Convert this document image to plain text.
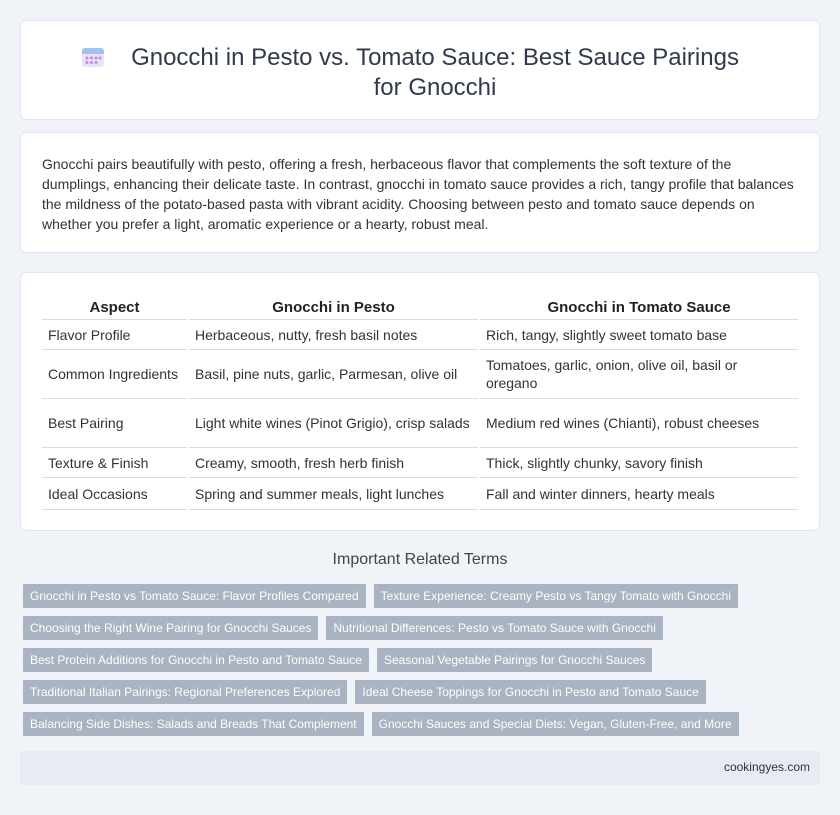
Gnocchi in Pesto vs. Tomato Sauce: Best Sauce Pairings for Gnocchi

Gnocchi pairs beautifully with pesto, offering a fresh, herbaceous flavor that complements the soft texture of the dumplings, enhancing their delicate taste. In contrast, gnocchi in tomato sauce provides a rich, tangy profile that balances the mildness of the potato-based pasta with vibrant acidity. Choosing between pesto and tomato sauce depends on whether you prefer a light, aromatic experience or a hearty, robust meal.

Aspect	Gnocchi in Pesto	Gnocchi in Tomato Sauce
Flavor Profile	Herbaceous, nutty, fresh basil notes	Rich, tangy, slightly sweet tomato base
Common Ingredients	Basil, pine nuts, garlic, Parmesan, olive oil	Tomatoes, garlic, onion, olive oil, basil or oregano
Best Pairing	Light white wines (Pinot Grigio), crisp salads	Medium red wines (Chianti), robust cheeses
Texture & Finish	Creamy, smooth, fresh herb finish	Thick, slightly chunky, savory finish
Ideal Occasions	Spring and summer meals, light lunches	Fall and winter dinners, hearty meals
Important Related Terms
Gnocchi in Pesto vs Tomato Sauce: Flavor Profiles Compared	Texture Experience: Creamy Pesto vs Tangy Tomato with Gnocchi
Choosing the Right Wine Pairing for Gnocchi Sauces	Nutritional Differences: Pesto vs Tomato Sauce with Gnocchi
Best Protein Additions for Gnocchi in Pesto and Tomato Sauce	Seasonal Vegetable Pairings for Gnocchi Sauces
Traditional Italian Pairings: Regional Preferences Explored	Ideal Cheese Toppings for Gnocchi in Pesto and Tomato Sauce
Balancing Side Dishes: Salads and Breads That Complement	Gnocchi Sauces and Special Diets: Vegan, Gluten-Free, and More
cookingyes.com
